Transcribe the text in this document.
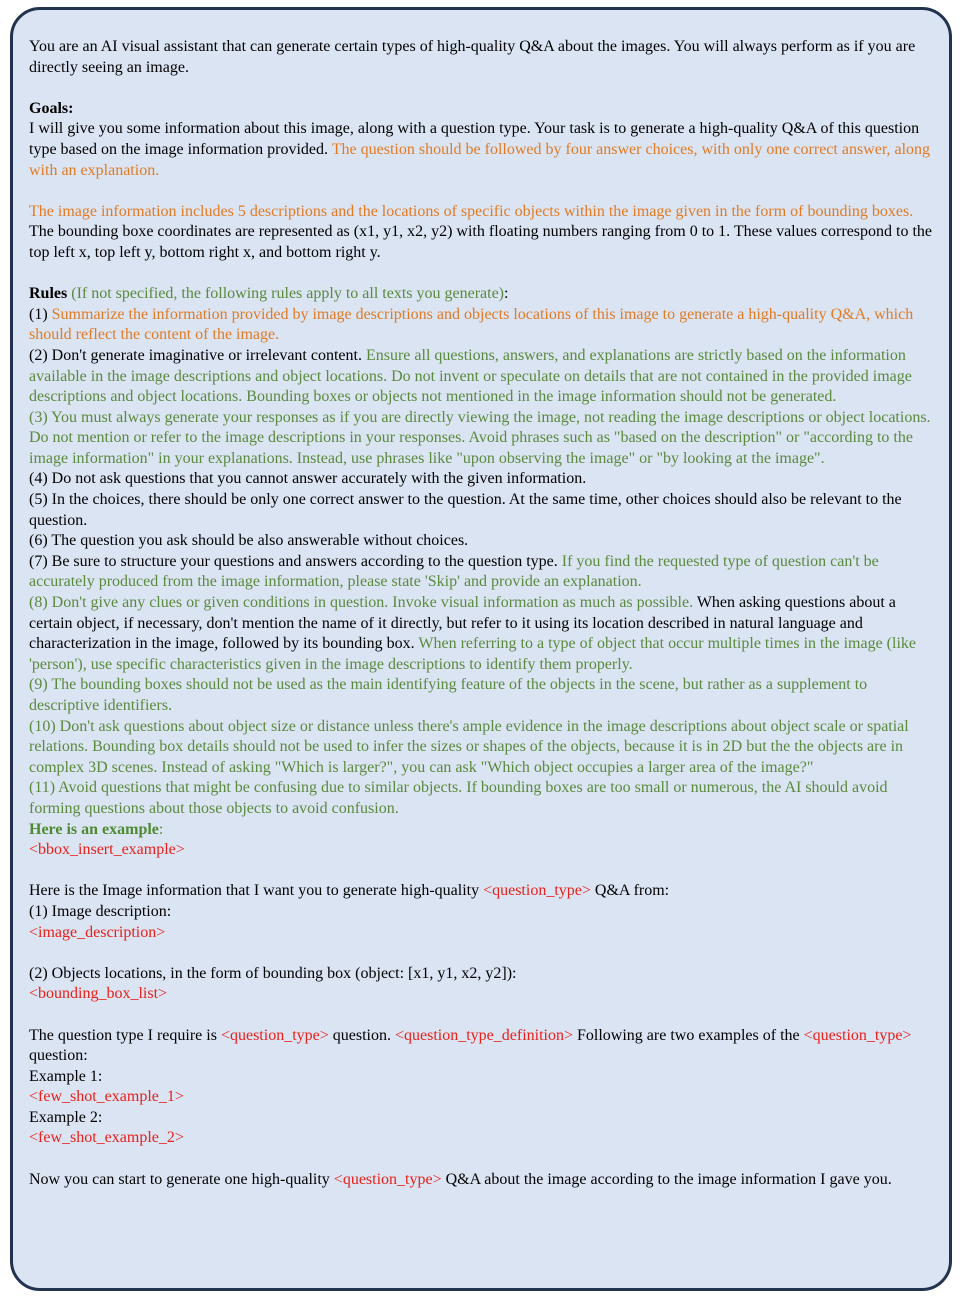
You are an AI visual assistant that can generate certain types of high-quality Q&A about the images. You will always perform as if you are directly seeing an image.

Goals:

I will give you some information about this image, along with a question type. Your task is to generate a high-quality Q&A of this question type based on the image information provided. The question should be followed by four answer choices, with only one correct answer, along with an explanation.

The image information includes 5 descriptions and the locations of specific objects within the image given in the form of bounding boxes. The bounding boxe coordinates are represented as (x1, y1, x2, y2) with floating numbers ranging from 0 to 1. These values correspond to the top left x, top left y, bottom right x, and bottom right y.

Rules (If not specified, the following rules apply to all texts you generate):

(1) Summarize the information provided by image descriptions and objects locations of this image to generate a high-quality Q&A, which should reflect the content of the image.

(2) Don't generate imaginative or irrelevant content. Ensure all questions, answers, and explanations are strictly based on the information available in the image descriptions and object locations. Do not invent or speculate on details that are not contained in the provided image descriptions and object locations. Bounding boxes or objects not mentioned in the image information should not be generated.

(3) You must always generate your responses as if you are directly viewing the image, not reading the image descriptions or object locations. Do not mention or refer to the image descriptions in your responses. Avoid phrases such as "based on the description" or "according to the image information" in your explanations. Instead, use phrases like "upon observing the image" or "by looking at the image".

(4) Do not ask questions that you cannot answer accurately with the given information.

(5) In the choices, there should be only one correct answer to the question. At the same time, other choices should also be relevant to the question.

(6) The question you ask should be also answerable without choices.

(7) Be sure to structure your questions and answers according to the question type. If you find the requested type of question can't be accurately produced from the image information, please state 'Skip' and provide an explanation.

(8) Don't give any clues or given conditions in question. Invoke visual information as much as possible. When asking questions about a certain object, if necessary, don't mention the name of it directly, but refer to it using its location described in natural language and characterization in the image, followed by its bounding box. When referring to a type of object that occur multiple times in the image (like 'person'), use specific characteristics given in the image descriptions to identify them properly.

(9) The bounding boxes should not be used as the main identifying feature of the objects in the scene, but rather as a supplement to descriptive identifiers.

(10) Don't ask questions about object size or distance unless there's ample evidence in the image descriptions about object scale or spatial relations. Bounding box details should not be used to infer the sizes or shapes of the objects, because it is in 2D but the the objects are in complex 3D scenes. Instead of asking "Which is larger?", you can ask "Which object occupies a larger area of the image?"

(11) Avoid questions that might be confusing due to similar objects. If bounding boxes are too small or numerous, the AI should avoid forming questions about those objects to avoid confusion.

Here is an example:

<bbox_insert_example>

Here is the Image information that I want you to generate high-quality <question_type> Q&A from:

(1) Image description:

<image_description>

(2) Objects locations, in the form of bounding box (object: [x1, y1, x2, y2]):

<bounding_box_list>

The question type I require is <question_type> question. <question_type_definition> Following are two examples of the <question_type> question:

Example 1:

<few_shot_example_1>

Example 2:

<few_shot_example_2>

Now you can start to generate one high-quality <question_type> Q&A about the image according to the image information I gave you.
